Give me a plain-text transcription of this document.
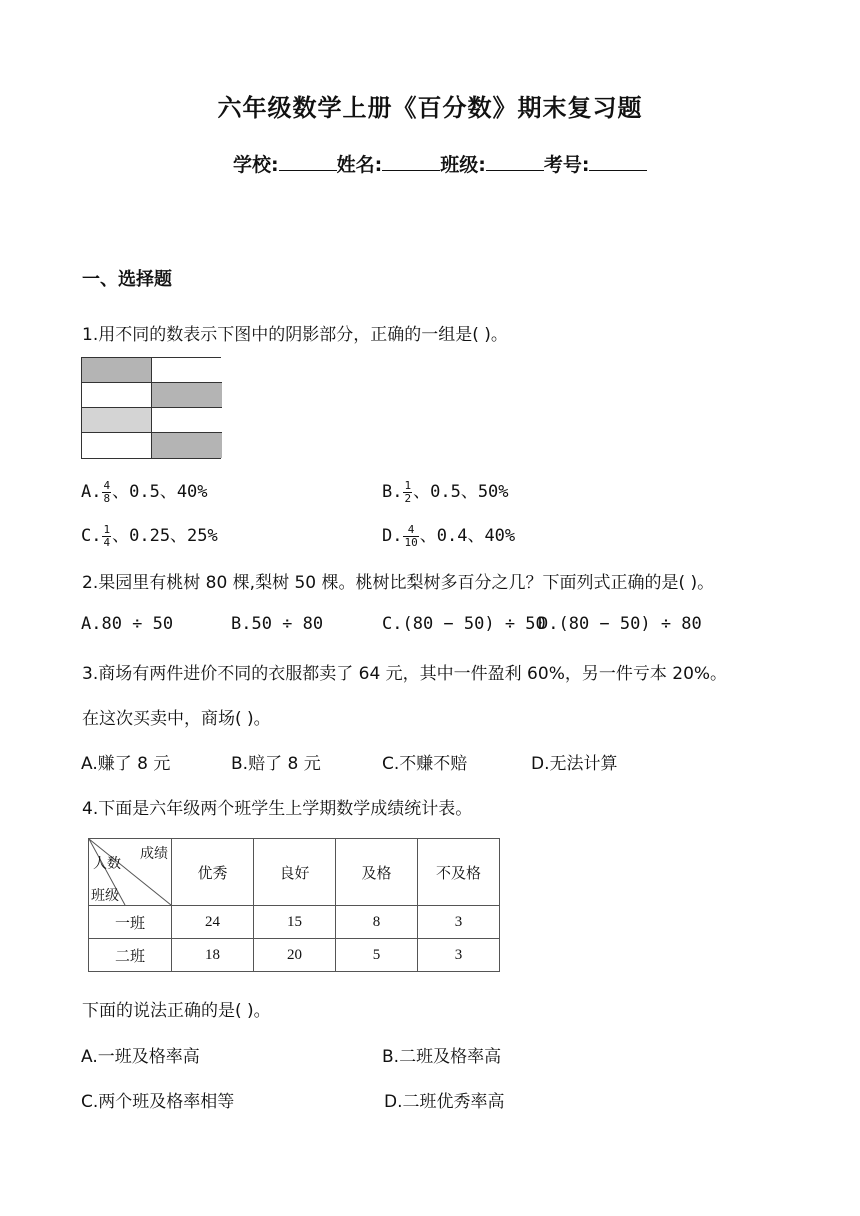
六年级数学上册《百分数》期末复习题
学校:	姓名:	班级:	考号:
一、选择题
1.用不同的数表示下图中的阴影部分，正确的一组是( )。
A. $\frac{4}{8}$ 、0.5、40%	B. $\frac{1}{2}$ 、0.5、50%
C. $\frac{1}{4}$ 、0.25、25%	D. $\frac{4}{10}$ 、0.4、40%
2.果园里有桃树 80 棵,梨树 50 棵。桃树比梨树多百分之几？下面列式正确的是( )。
A.80 ÷ 50	B.50 ÷ 80	C.(80 − 50) ÷ 50
D.(80 − 50) ÷ 80
3.商场有两件进价不同的衣服都卖了 64 元，其中一件盈利 60%，另一件亏本 20%。
在这次买卖中，商场( )。
A.赚了 8 元	B.赔了 8 元	C.不赚不赔	D.无法计算
4.下面是六年级两个班学生上学期数学成绩统计表。
成绩
人数
班级	优秀	良好	及格	不及格
一班	24	15	8	3
二班	18	20	5	3
下面的说法正确的是( )。
A.一班及格率高	B.二班及格率高
C.两个班及格率相等	D.二班优秀率高
